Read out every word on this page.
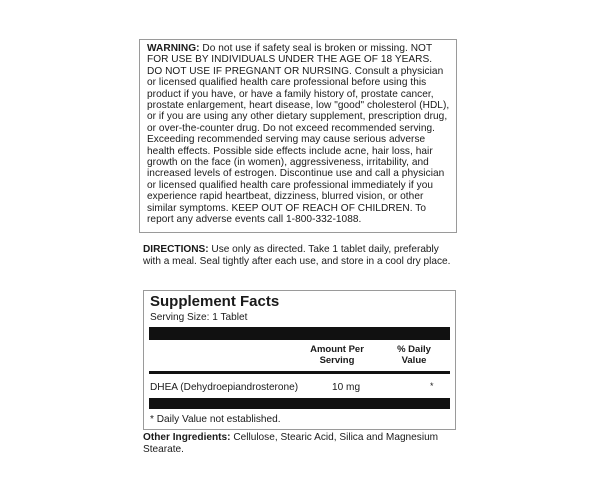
WARNING: Do not use if safety seal is broken or missing. NOT FOR USE BY INDIVIDUALS UNDER THE AGE OF 18 YEARS. DO NOT USE IF PREGNANT OR NURSING. Consult a physician or licensed qualified health care professional before using this product if you have, or have a family history of, prostate cancer, prostate enlargement, heart disease, low "good" cholesterol (HDL), or if you are using any other dietary supplement, prescription drug, or over-the-counter drug. Do not exceed recommended serving. Exceeding recommended serving may cause serious adverse health effects. Possible side effects include acne, hair loss, hair growth on the face (in women), aggressiveness, irritability, and increased levels of estrogen. Discontinue use and call a physician or licensed qualified health care professional immediately if you experience rapid heartbeat, dizziness, blurred vision, or other similar symptoms. KEEP OUT OF REACH OF CHILDREN. To report any adverse events call 1-800-332-1088.
DIRECTIONS: Use only as directed. Take 1 tablet daily, preferably with a meal. Seal tightly after each use, and store in a cool dry place.
Supplement Facts
Serving Size: 1 Tablet
Amount Per
Serving
% Daily
Value
DHEA (Dehydroepiandrosterone)	10 mg	*
* Daily Value not established.
Other Ingredients: Cellulose, Stearic Acid, Silica and Magnesium Stearate.
